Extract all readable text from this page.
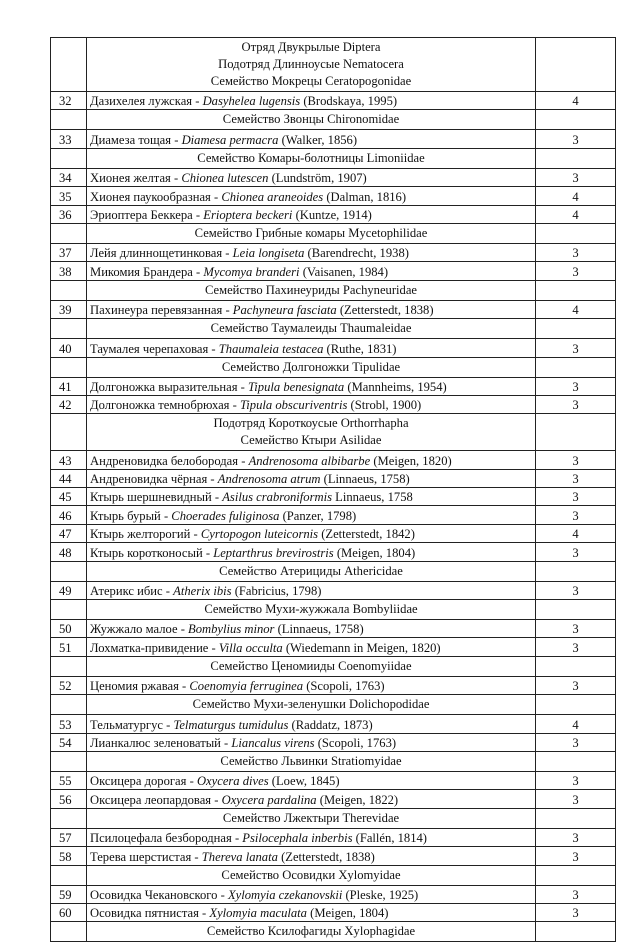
	Отряд Двукрылые Diptera
Подотряд Длинноусые Nematocera
Семейство Мокрецы Ceratopogonidae	

32	Дазихелея лужская - Dasyhelea lugensis (Brodskaya, 1995)	4

	Семейство Звонцы Chironomidae	

33	Диамеза тощая - Diamesa permacra (Walker, 1856)	3

	Семейство Комары-болотницы Limoniidae	

34	Хионея желтая - Chionea lutescen (Lundström, 1907)	3
35	Хионея паукообразная - Chionea araneoides (Dalman, 1816)	4
36	Эриоптера Беккера - Erioptera beckeri (Kuntze, 1914)	4

	Семейство Грибные комары Mycetophilidae	

37	Лейя длиннощетинковая - Leia longiseta (Barendrecht, 1938)	3
38	Микомия Брандера - Mycomya branderi (Vaisanen, 1984)	3

	Семейство Пахинеуриды Pachyneuridae	

39	Пахинеура перевязанная - Pachyneura fasciata (Zetterstedt, 1838)	4

	Семейство Таумалеиды Thaumaleidae	

40	Таумалея черепаховая - Thaumaleia testacea (Ruthe, 1831)	3

	Семейство Долгоножки Tipulidae	

41	Долгоножка выразительная - Tipula benesignata (Mannheims, 1954)	3
42	Долгоножка темнобрюхая - Tipula obscuriventris (Strobl, 1900)	3

	Подотряд Короткоусые Orthorrhapha
Семейство Ктыри Asilidae	

43	Андреновидка белобородая - Andrenosoma albibarbe (Meigen, 1820)	3
44	Андреновидка чёрная - Andrenosoma atrum (Linnaeus, 1758)	3
45	Ктырь шершневидный - Asilus crabroniformis Linnaeus, 1758	3
46	Ктырь бурый - Choerades fuliginosa (Panzer, 1798)	3
47	Ктырь желторогий - Cyrtopogon luteicornis (Zetterstedt, 1842)	4
48	Ктырь коротконосый - Leptarthrus brevirostris (Meigen, 1804)	3

	Семейство Атерициды Athericidae	

49	Атерикс ибис - Atherix ibis (Fabricius, 1798)	3

	Семейство Мухи-жужжала Bombyliidae	

50	Жужжало малое - Bombylius minor (Linnaeus, 1758)	3
51	Лохматка-привидение - Villa occulta (Wiedemann in Meigen, 1820)	3

	Семейство Ценомииды Coenomyiidae	

52	Ценомия ржавая - Coenomyia ferruginea (Scopoli, 1763)	3

	Семейство Мухи-зеленушки Dolichopodidae	

53	Тельматургус - Telmaturgus tumidulus (Raddatz, 1873)	4
54	Лианкалюс зеленоватый - Liancalus virens (Scopoli, 1763)	3

	Семейство Львинки Stratiomyidae	

55	Оксицера дорогая - Oxycera dives (Loew, 1845)	3
56	Оксицера леопардовая - Oxycera pardalina (Meigen, 1822)	3

	Семейство Лжектыри Therevidae	

57	Псилоцефала безбородная - Psilocephala inberbis (Fallén, 1814)	3
58	Терева шерстистая - Thereva lanata (Zetterstedt, 1838)	3

	Семейство Осовидки Xylomyidae	

59	Осовидка Чекановского - Xylomyia czekanovskii (Pleske, 1925)	3
60	Осовидка пятнистая - Xylomyia maculata (Meigen, 1804)	3

	Семейство Ксилофагиды Xylophagidae	
